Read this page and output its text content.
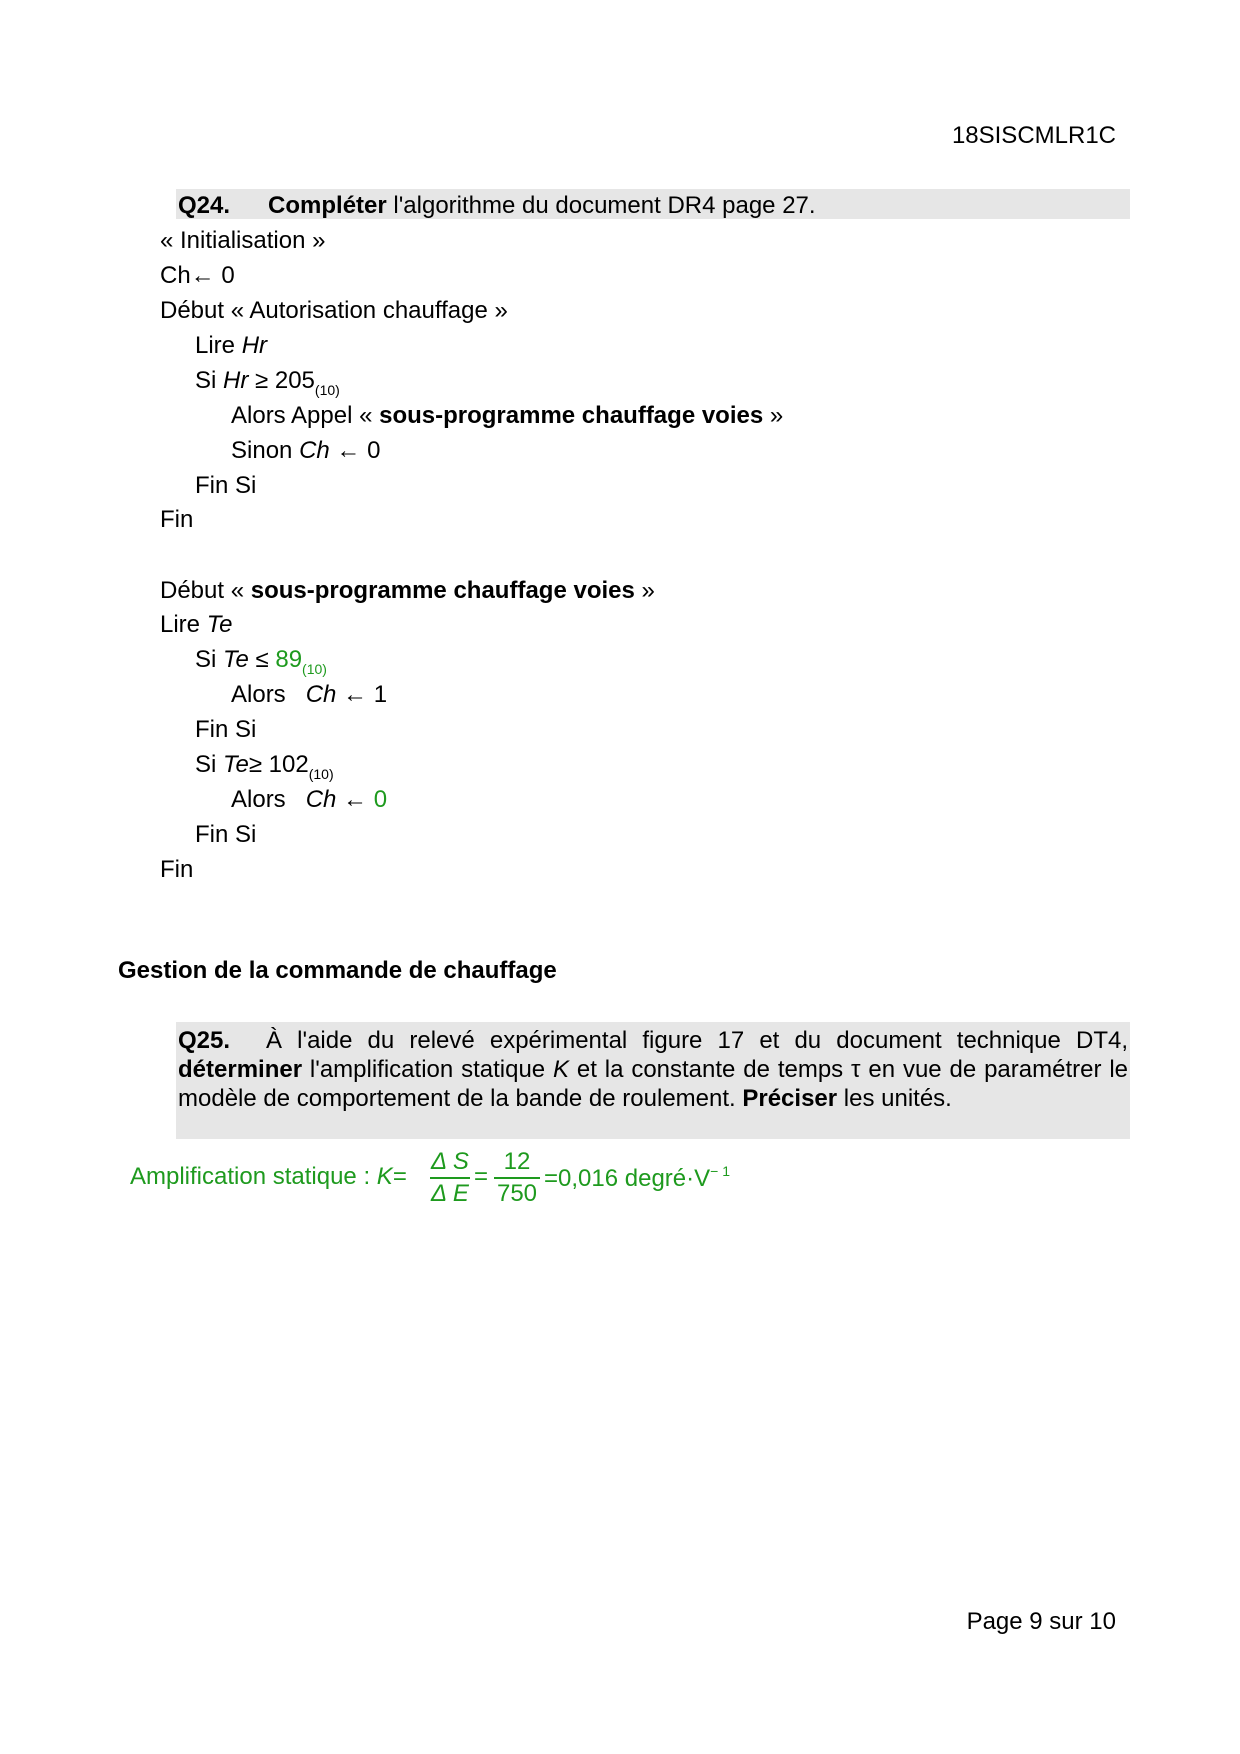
18SISCMLR1C
Q24. Compléter l'algorithme du document DR4 page 27.
« Initialisation »
Ch← 0
Début « Autorisation chauffage »
Lire Hr
Si $Hr \ge 205_{(10)}$
Alors Appel « sous-programme chauffage voies »
Sinon Ch ← 0
Fin Si
Fin
Début « sous-programme chauffage voies »
Lire Te
Si $Te \le 89_{(10)}$
Alors   Ch ← 1
Fin Si
Si $Te\ge 102_{(10)}$
Alors   Ch ← 0
Fin Si
Fin
Gestion de la commande de chauffage
Q25. À l'aide du relevé expérimental figure 17 et du document technique DT4, déterminer l'amplification statique K et la constante de temps τ en vue de paramétrer le modèle de comportement de la bande de roulement. Préciser les unités.
Amplification statique : K=
Δ S
Δ E
=
12
750
=0,016 $degré\cdot V^{- 1}$
Page 9 sur 10
